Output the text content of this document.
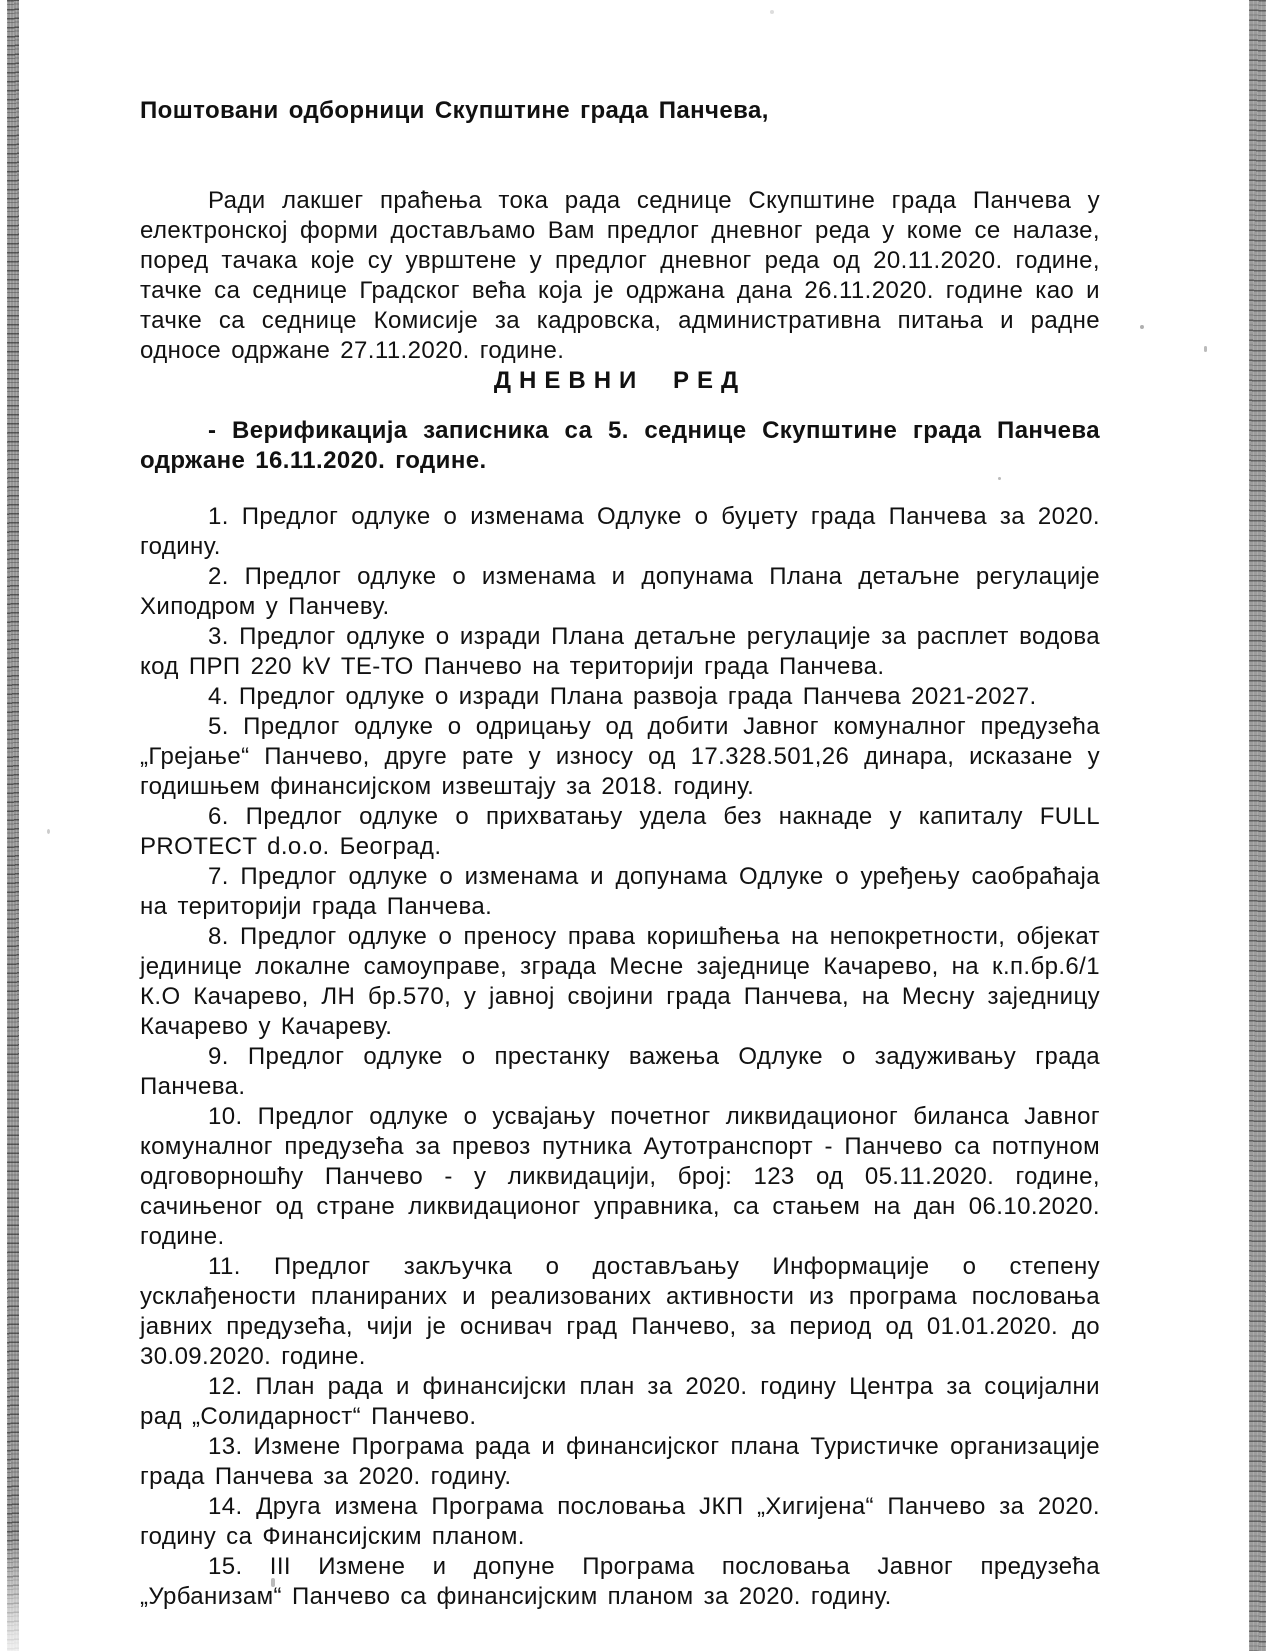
Поштовани одборници Скупштине града Панчева,

Ради лакшег праћења тока рада седнице Скупштине града Панчева у електронској форми достављамо Вам предлог дневног реда у коме се налазе, поред тачака које су уврштене у предлог дневног реда од 20.11.2020. године, тачке са седнице Градског већа која је одржана дана 26.11.2020. године као и тачке са седнице Комисије за кадровска, административна питања и радне односе одржане 27.11.2020. године.

ДНЕВНИ РЕД

- Верификација записника са 5. седнице Скупштине града Панчева одржане 16.11.2020. године.

1. Предлог одлуке о изменама Одлуке о буџету града Панчева за 2020. годину.

2. Предлог одлуке о изменама и допунама Плана детаљне регулације Хиподром у Панчеву.

3. Предлог одлуке о изради Плана детаљне регулације за расплет водова код ПРП 220 kV ТЕ-ТО Панчево на територији града Панчева.

4. Предлог одлуке о изради Плана развоја града Панчева 2021-2027.

5. Предлог одлуке о одрицању од добити Јавног комуналног предузећа „Грејање“ Панчево, друге рате у износу од 17.328.501,26 динара, исказане у годишњем финансијском извештају за 2018. годину.

6. Предлог одлуке о прихватању удела без накнаде у капиталу FULL PROTECT d.o.o. Београд.

7. Предлог одлуке о изменама и допунама Одлуке о уређењу саобраћаја на територији града Панчева.

8. Предлог одлуке о преносу права коришћења на непокретности, објекат јединице локалне самоуправе, зграда Месне заједнице Качарево, на к.п.бр.6/1 К.О Качарево, ЛН бр.570, у јавној својини града Панчева, на Месну заједницу Качарево у Качареву.

9. Предлог одлуке о престанку важења Одлуке о задуживању града Панчева.

10. Предлог одлуке о усвајању почетног ликвидационог биланса Јавног комуналног предузећа за превоз путника Аутотранспорт - Панчево са потпуном одговорношћу Панчево - у ликвидацији, број: 123 од 05.11.2020. године, сачињеног од стране ликвидационог управника, са стањем на дан 06.10.2020. године.

11. Предлог закључка о достављању Информације о степену усклађености планираних и реализованих активности из програма пословања јавних предузећа, чији је оснивач град Панчево, за период од 01.01.2020. до 30.09.2020. године.

12. План рада и финансијски план за 2020. годину Центра за социјални рад „Солидарност“ Панчево.

13. Измене Програма рада и финансијског плана Туристичке организације града Панчева за 2020. годину.

14. Друга измена Програма пословања ЈКП „Хигијена“ Панчево за 2020. годину са Финансијским планом.

15. III Измене и допуне Програма пословања Јавног предузећа „Урбанизам“ Панчево са финансијским планом за 2020. годину.
